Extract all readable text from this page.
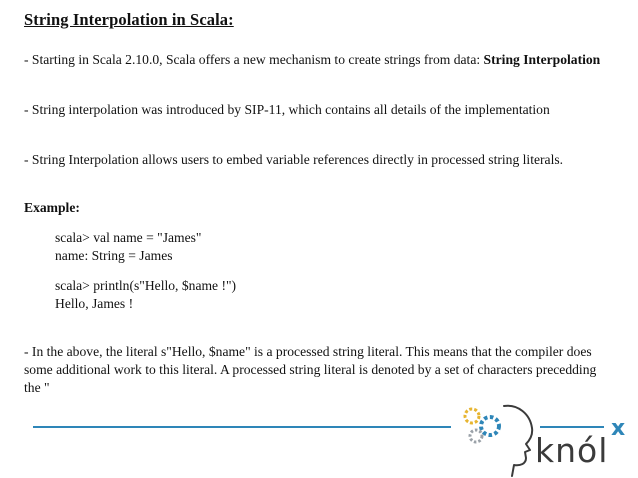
String Interpolation in Scala:

- Starting in Scala 2.10.0, Scala offers a new mechanism to create strings from data: String Interpolation

- String interpolation was introduced by SIP-11, which contains all details of the implementation

- String Interpolation allows users to embed variable references directly in processed string literals.

Example:
scala> val name = "James"
name: String = James
scala> println(s"Hello, $name !")
Hello, James !

- In the above, the literal s"Hello, $name" is a processed string literal. This means that the compiler does some additional work to this literal. A processed string literal is denoted by a set of characters precedding the "

knól
x
